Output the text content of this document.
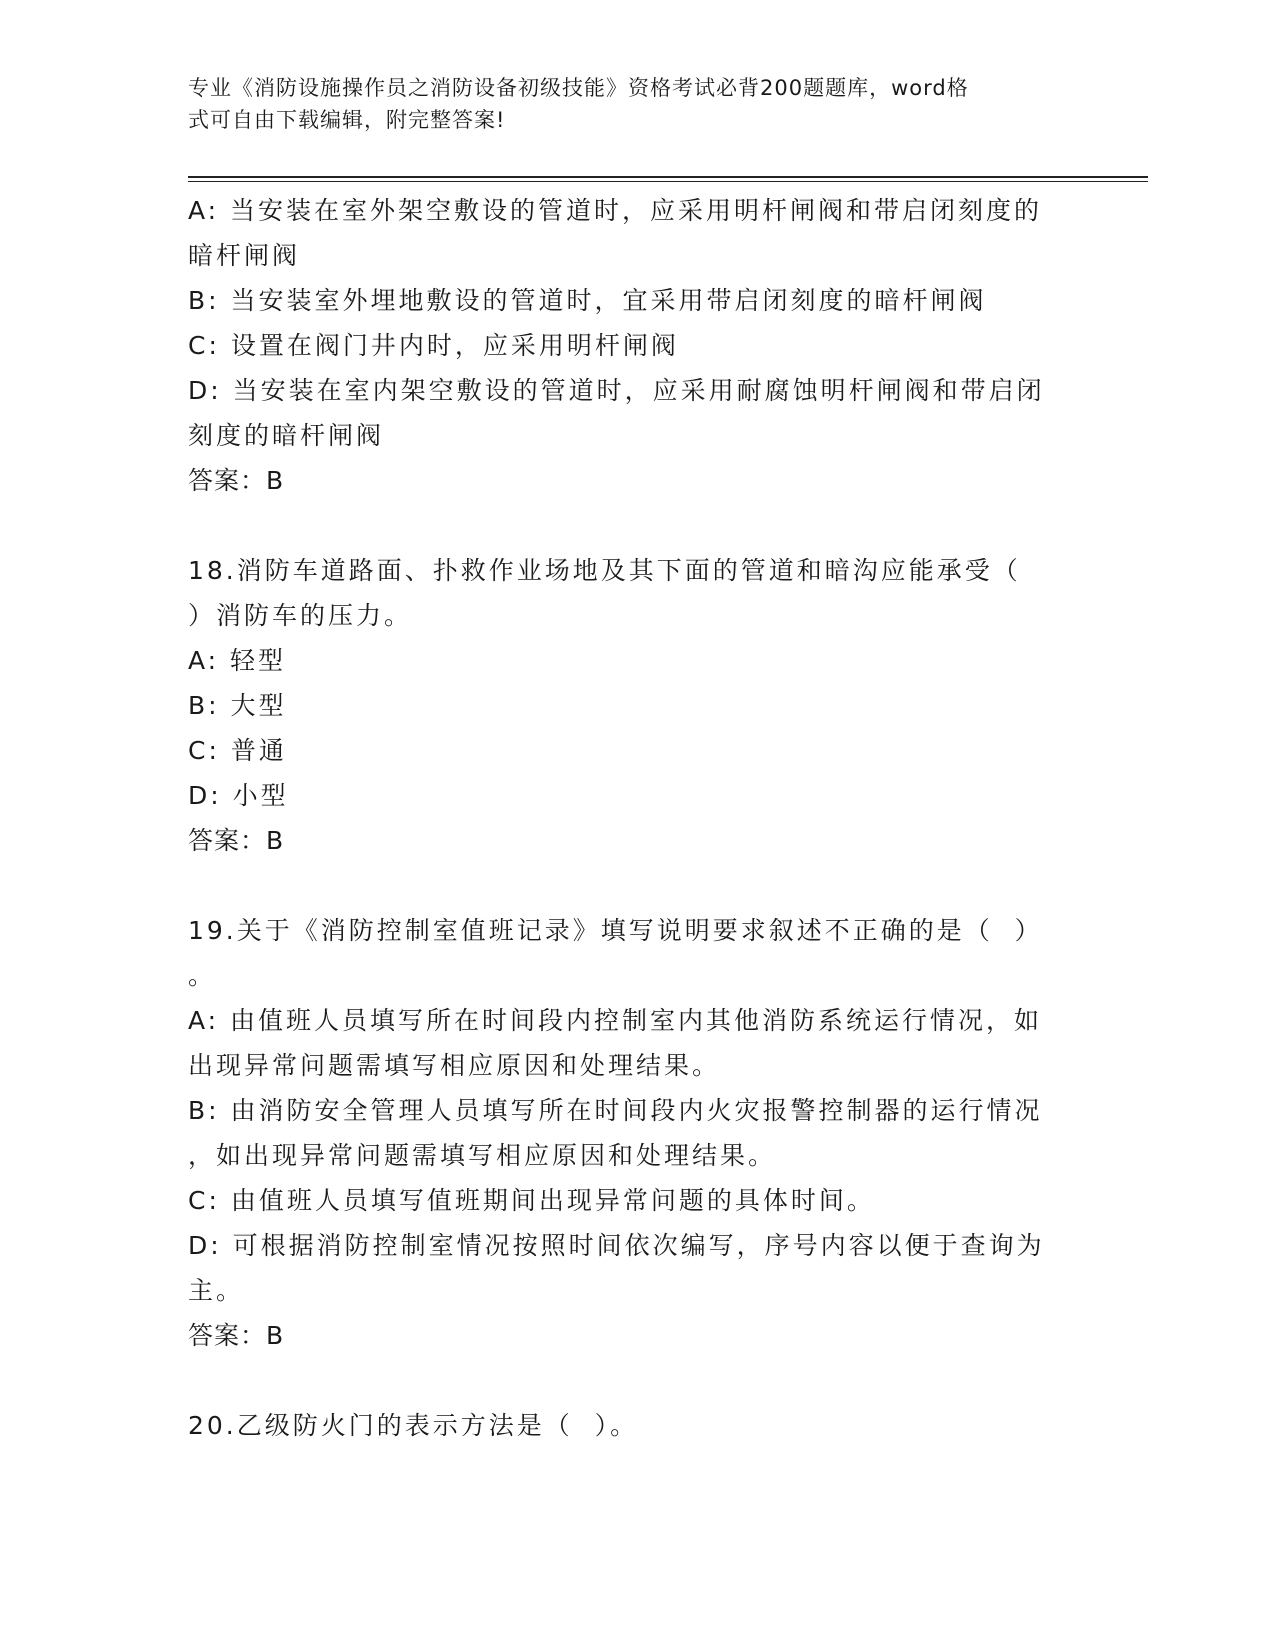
专业《消防设施操作员之消防设备初级技能》资格考试必背200题题库，word格
式可自由下载编辑，附完整答案!

A: 当安装在室外架空敷设的管道时，应采用明杆闸阀和带启闭刻度的

暗杆闸阀

B: 当安装室外埋地敷设的管道时，宜采用带启闭刻度的暗杆闸阀

C: 设置在阀门井内时，应采用明杆闸阀

D: 当安装在室内架空敷设的管道时，应采用耐腐蚀明杆闸阀和带启闭

刻度的暗杆闸阀

答案：B

18.消防车道路面、扑救作业场地及其下面的管道和暗沟应能承受（

）消防车的压力。

A: 轻型

B: 大型

C: 普通

D: 小型

答案：B

19.关于《消防控制室值班记录》填写说明要求叙述不正确的是（  ）

。

A: 由值班人员填写所在时间段内控制室内其他消防系统运行情况，如

出现异常问题需填写相应原因和处理结果。

B: 由消防安全管理人员填写所在时间段内火灾报警控制器的运行情况

，如出现异常问题需填写相应原因和处理结果。

C: 由值班人员填写值班期间出现异常问题的具体时间。

D: 可根据消防控制室情况按照时间依次编写，序号内容以便于查询为

主。

答案：B

20.乙级防火门的表示方法是（  ）。
